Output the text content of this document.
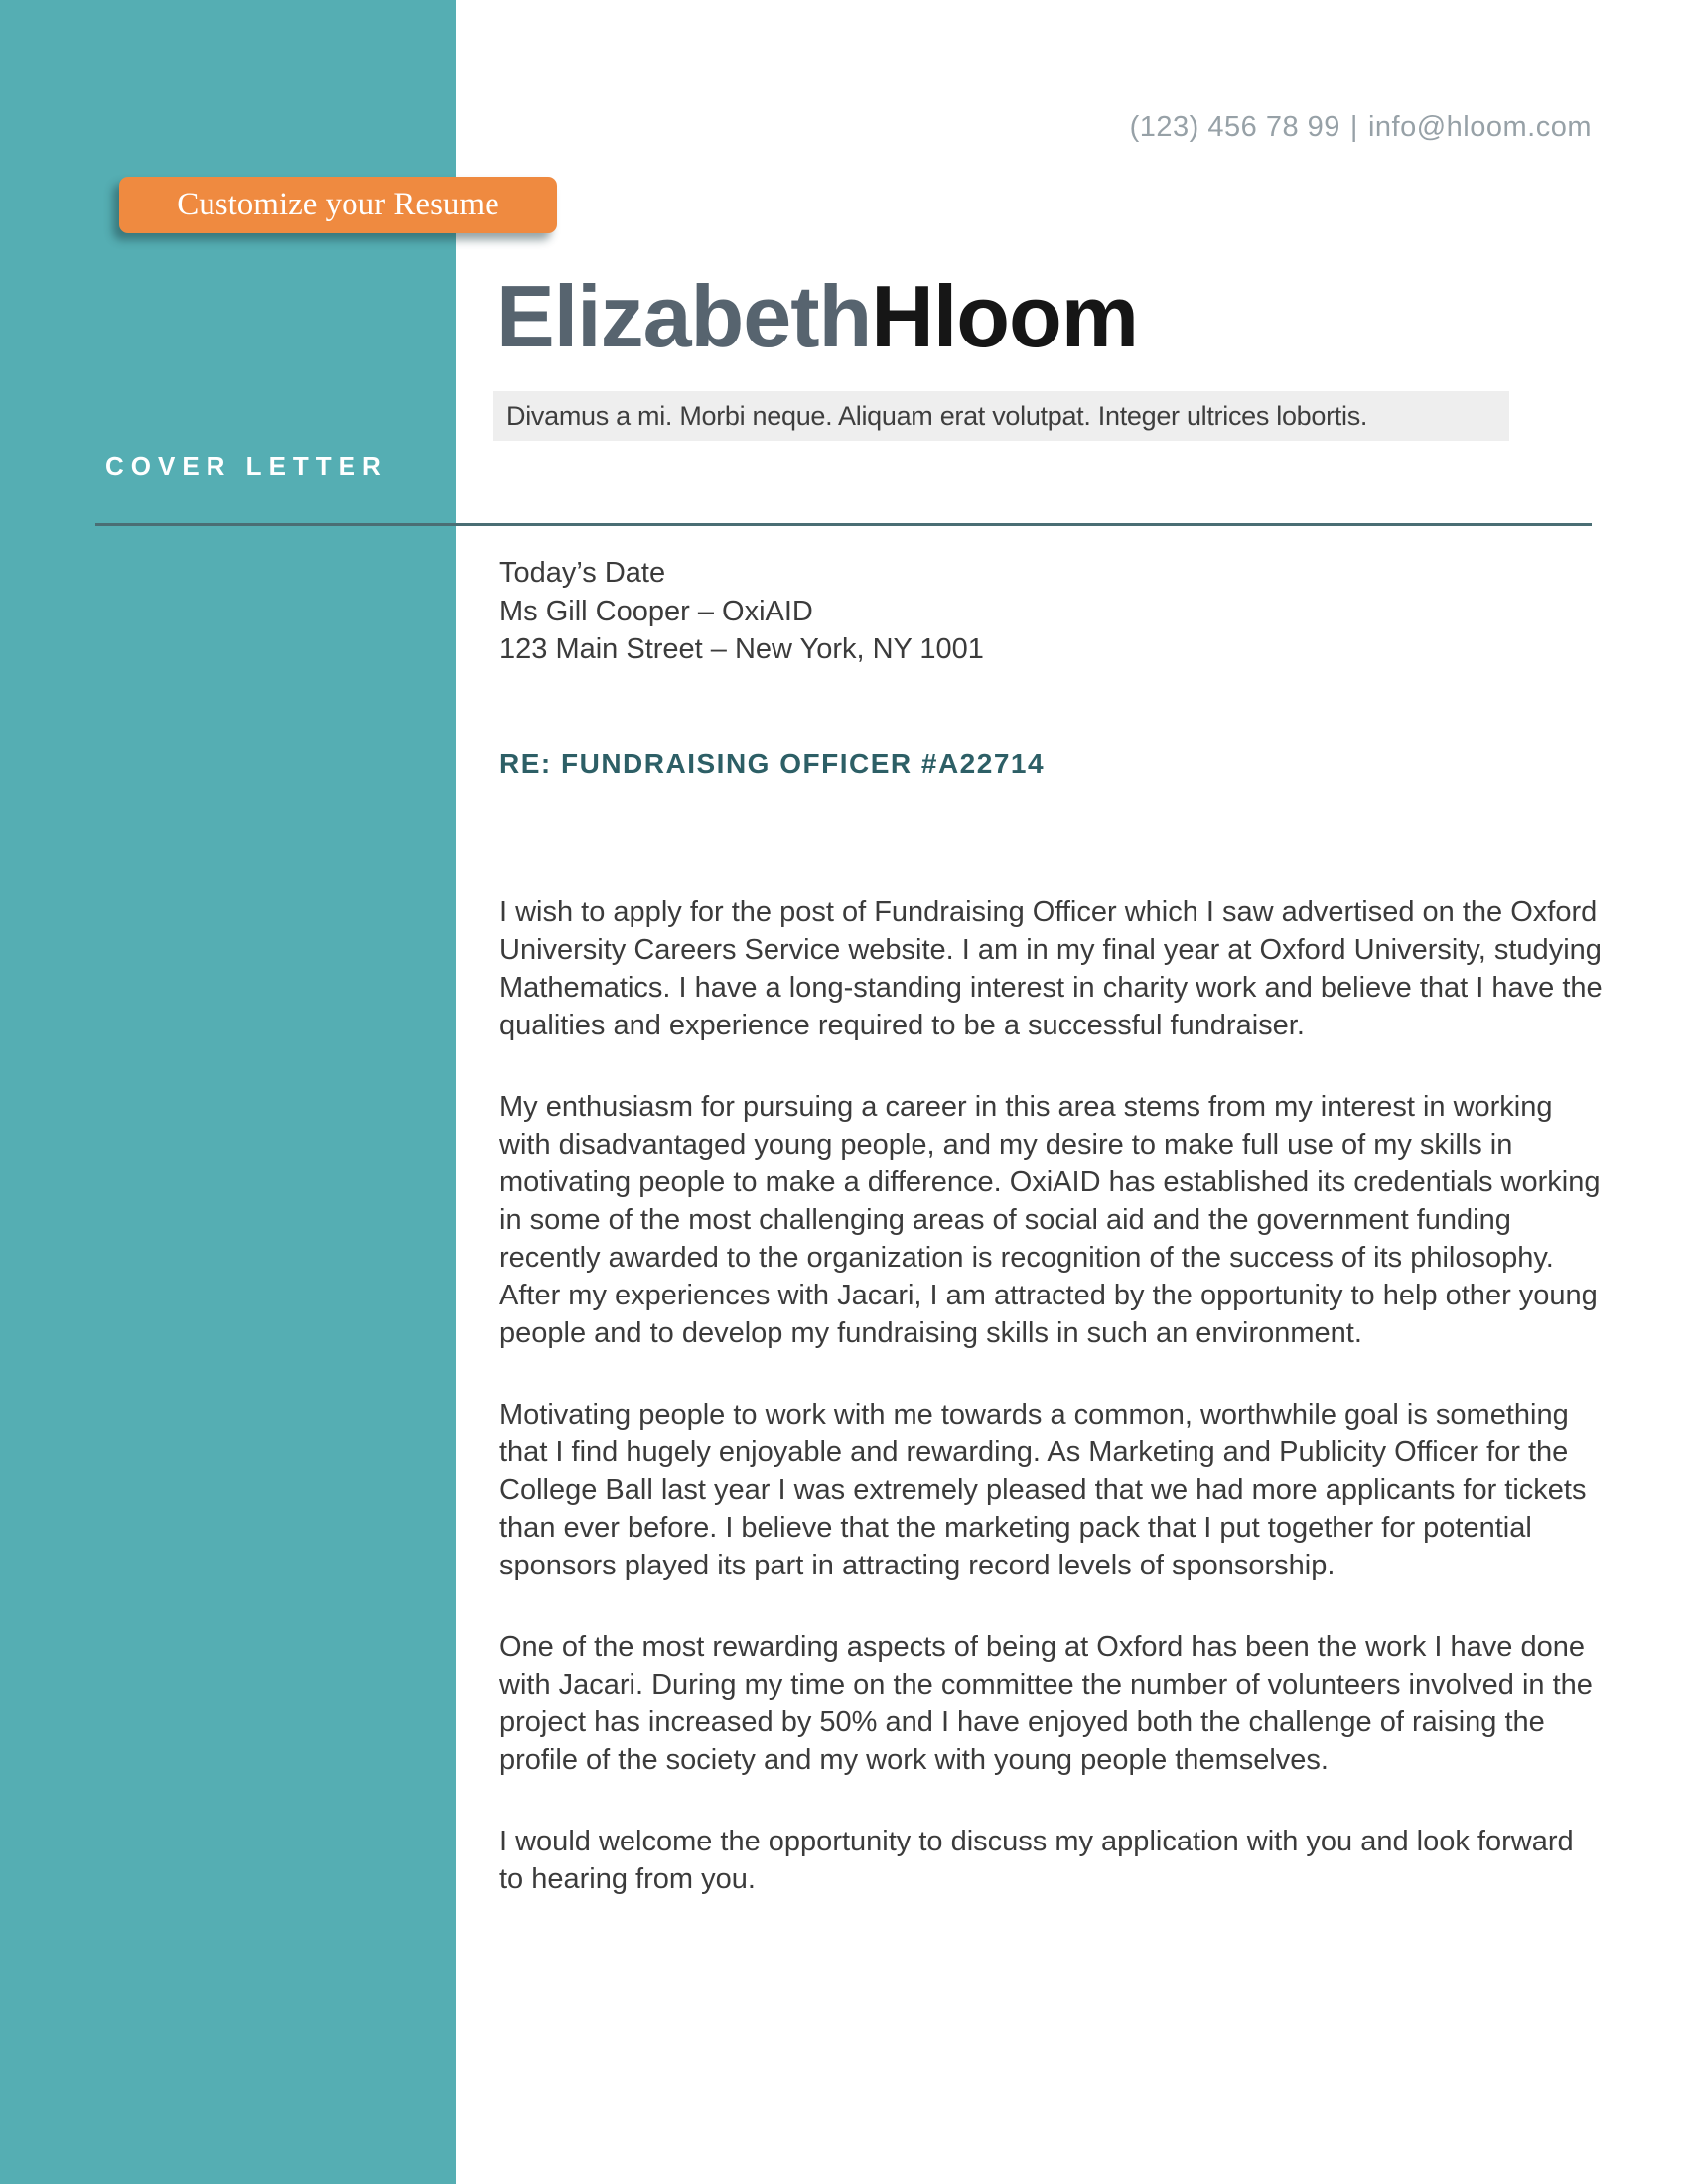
COVER LETTER
Customize your Resume
(123) 456 78 99 | info@hloom.com
ElizabethHloom
Divamus a mi. Morbi neque. Aliquam erat volutpat. Integer ultrices lobortis.
Today’s Date
Ms Gill Cooper – OxiAID
123 Main Street – New York, NY 1001
RE: FUNDRAISING OFFICER #A22714

I wish to apply for the post of Fundraising Officer which I saw advertised on the Oxford University Careers Service website. I am in my final year at Oxford University, studying Mathematics. I have a long-standing interest in charity work and believe that I have the qualities and experience required to be a successful fundraiser.

My enthusiasm for pursuing a career in this area stems from my interest in working with disadvantaged young people, and my desire to make full use of my skills in motivating people to make a difference. OxiAID has established its credentials working in some of the most challenging areas of social aid and the government funding recently awarded to the organization is recognition of the success of its philosophy. After my experiences with Jacari, I am attracted by the opportunity to help other young people and to develop my fundraising skills in such an environment.

Motivating people to work with me towards a common, worthwhile goal is something that I find hugely enjoyable and rewarding. As Marketing and Publicity Officer for the College Ball last year I was extremely pleased that we had more applicants for tickets than ever before. I believe that the marketing pack that I put together for potential sponsors played its part in attracting record levels of sponsorship.

One of the most rewarding aspects of being at Oxford has been the work I have done with Jacari. During my time on the committee the number of volunteers involved in the project has increased by 50% and I have enjoyed both the challenge of raising the profile of the society and my work with young people themselves.

I would welcome the opportunity to discuss my application with you and look forward to hearing from you.
